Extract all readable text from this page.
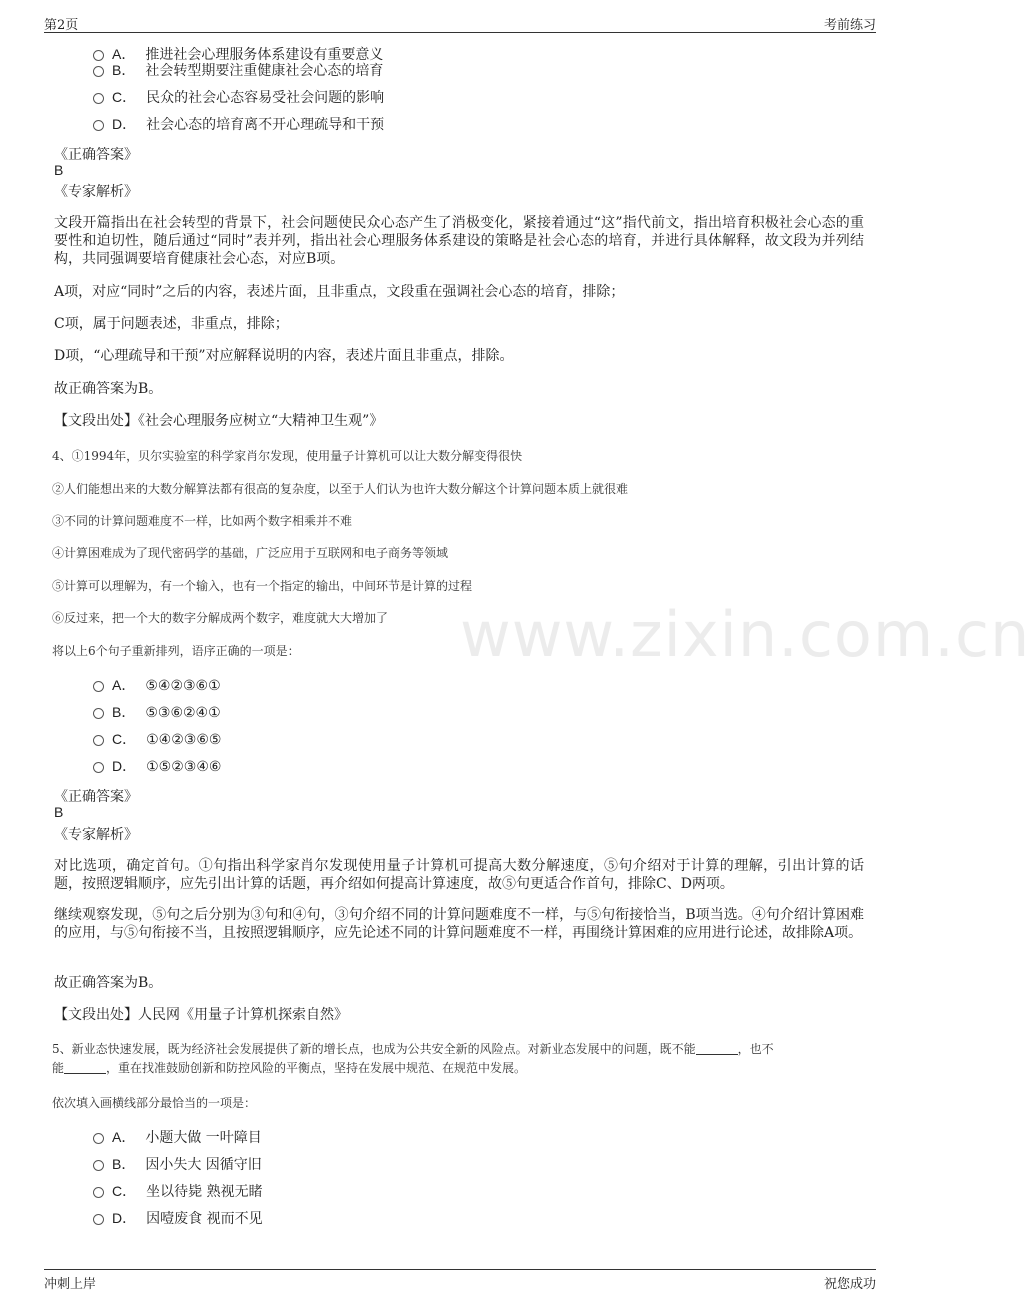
第2页	考前练习
www.zixin.com.cn
A． 推进社会心理服务体系建设有重要意义
B． 社会转型期要注重健康社会心态的培育
C． 民众的社会心态容易受社会问题的影响
D． 社会心态的培育离不开心理疏导和干预
《正确答案》
B
《专家解析》
文段开篇指出在社会转型的背景下，社会问题使民众心态产生了消极变化，紧接着通过“这”指代前文，指出培育积极社会心态的重要性和迫切性，随后通过“同时”表并列，指出社会心理服务体系建设的策略是社会心态的培育，并进行具体解释，故文段为并列结构，共同强调要培育健康社会心态，对应B项。
A项，对应“同时”之后的内容，表述片面，且非重点，文段重在强调社会心态的培育，排除；
C项，属于问题表述，非重点，排除；
D项，“心理疏导和干预”对应解释说明的内容，表述片面且非重点，排除。
故正确答案为B。
【文段出处】《社会心理服务应树立“大精神卫生观”》
4、①1994年，贝尔实验室的科学家肖尔发现，使用量子计算机可以让大数分解变得很快
②人们能想出来的大数分解算法都有很高的复杂度，以至于人们认为也许大数分解这个计算问题本质上就很难
③不同的计算问题难度不一样，比如两个数字相乘并不难
④计算困难成为了现代密码学的基础，广泛应用于互联网和电子商务等领域
⑤计算可以理解为，有一个输入，也有一个指定的输出，中间环节是计算的过程
⑥反过来，把一个大的数字分解成两个数字，难度就大大增加了
将以上6个句子重新排列，语序正确的一项是：
A． ⑤④②③⑥①
B． ⑤③⑥②④①
C． ①④②③⑥⑤
D． ①⑤②③④⑥
《正确答案》
B
《专家解析》
对比选项，确定首句。①句指出科学家肖尔发现使用量子计算机可提高大数分解速度，⑤句介绍对于计算的理解，引出计算的话题，按照逻辑顺序，应先引出计算的话题，再介绍如何提高计算速度，故⑤句更适合作首句，排除C、D两项。
继续观察发现，⑤句之后分别为③句和④句，③句介绍不同的计算问题难度不一样，与⑤句衔接恰当，B项当选。④句介绍计算困难的应用，与⑤句衔接不当，且按照逻辑顺序，应先论述不同的计算问题难度不一样，再围绕计算困难的应用进行论述，故排除A项。
故正确答案为B。
【文段出处】人民网《用量子计算机探索自然》
5、新业态快速发展，既为经济社会发展提供了新的增长点，也成为公共安全新的风险点。对新业态发展中的问题，既不能	，也不
能	，重在找准鼓励创新和防控风险的平衡点，坚持在发展中规范、在规范中发展。
依次填入画横线部分最恰当的一项是：
A． 小题大做 一叶障目
B． 因小失大 因循守旧
C． 坐以待毙 熟视无睹
D． 因噎废食 视而不见
冲刺上岸	祝您成功
